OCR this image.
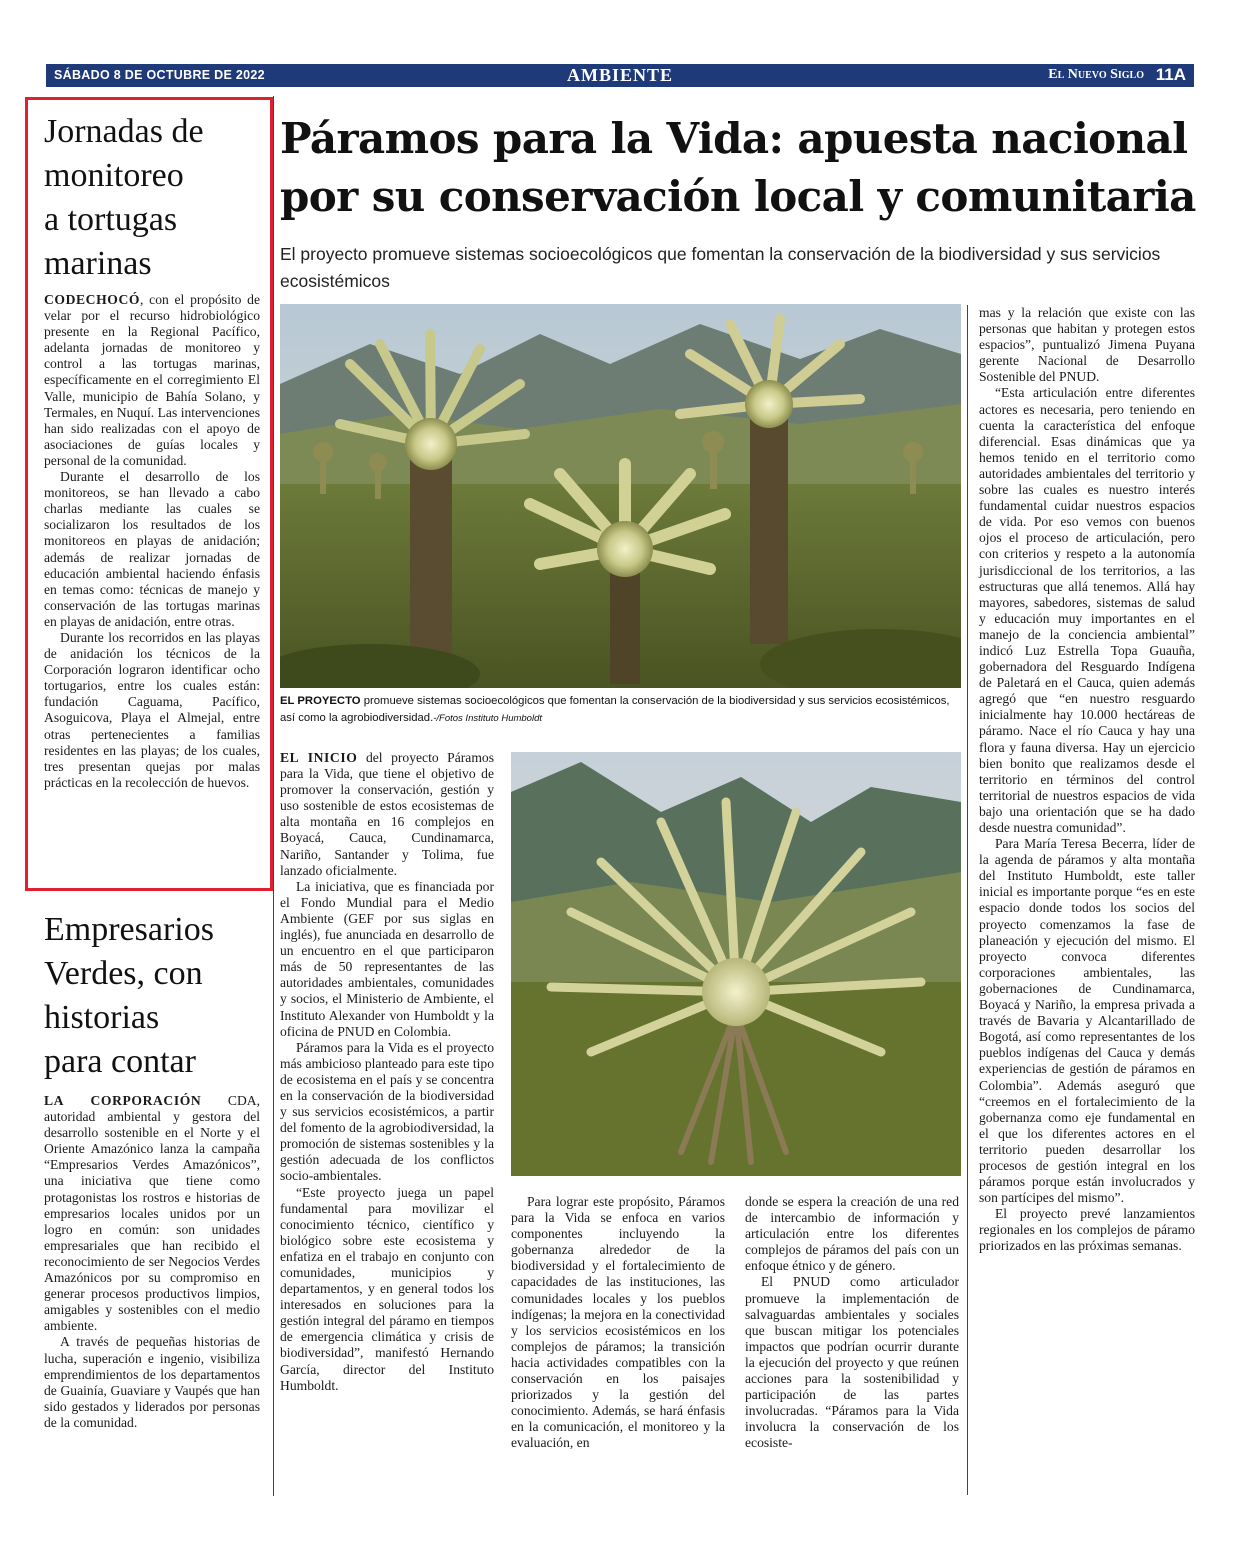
SÁBADO 8 DE OCTUBRE DE 2022	AMBIENTE	El Nuevo Siglo 11A
Jornadas de
monitoreo
a tortugas
marinas

CODECHOCÓ, con el propósito de velar por el recurso hidrobiológico presente en la Regional Pacífico, adelanta jornadas de monitoreo y control a las tortugas marinas, específicamente en el corregimiento El Valle, municipio de Bahía Solano, y Termales, en Nuquí. Las intervenciones han sido realizadas con el apoyo de asociaciones de guías locales y personal de la comunidad.

Durante el desarrollo de los monitoreos, se han llevado a cabo charlas mediante las cuales se socializaron los resultados de los monitoreos en playas de anidación; además de realizar jornadas de educación ambiental haciendo énfasis en temas como: técnicas de manejo y conservación de las tortugas marinas en playas de anidación, entre otras.

Durante los recorridos en las playas de anidación los técnicos de la Corporación lograron identificar ocho tortugarios, entre los cuales están: fundación Caguama, Pacífico, Asoguicova, Playa el Almejal, entre otras pertenecientes a familias residentes en las playas; de los cuales, tres presentan quejas por malas prácticas en la recolección de huevos.

Empresarios
Verdes, con
historias
para contar

LA CORPORACIÓN CDA, autoridad ambiental y gestora del desarrollo sostenible en el Norte y el Oriente Amazónico lanza la campaña “Empresarios Verdes Amazónicos”, una iniciativa que tiene como protagonistas los rostros e historias de empresarios locales unidos por un logro en común: son unidades empresariales que han recibido el reconocimiento de ser Negocios Verdes Amazónicos por su compromiso en generar procesos productivos limpios, amigables y sostenibles con el medio ambiente.

A través de pequeñas historias de lucha, superación e ingenio, visibiliza emprendimientos de los departamentos de Guainía, Guaviare y Vaupés que han sido gestados y liderados por personas de la comunidad.

Páramos para la Vida: apuesta nacional
por su conservación local y comunitaria

El proyecto promueve sistemas socioecológicos que fomentan la conservación de la biodiversidad y sus servicios ecosistémicos

EL PROYECTO promueve sistemas socioecológicos que fomentan la conservación de la biodiversidad y sus servicios ecosistémicos, así como la agrobiodiversidad.-/Fotos Instituto Humboldt

EL INICIO del proyecto Páramos para la Vida, que tiene el objetivo de promover la conservación, gestión y uso sostenible de estos ecosistemas de alta montaña en 16 complejos en Boyacá, Cauca, Cundinamarca, Nariño, Santander y Tolima, fue lanzado oficialmente.

La iniciativa, que es financiada por el Fondo Mundial para el Medio Ambiente (GEF por sus siglas en inglés), fue anunciada en desarrollo de un encuentro en el que participaron más de 50 representantes de las autoridades ambientales, comunidades y socios, el Ministerio de Ambiente, el Instituto Alexander von Humboldt y la oficina de PNUD en Colombia.

Páramos para la Vida es el proyecto más ambicioso planteado para este tipo de ecosistema en el país y se concentra en la conservación de la biodiversidad y sus servicios ecosistémicos, a partir del fomento de la agrobiodiversidad, la promoción de sistemas sostenibles y la gestión adecuada de los conflictos socio-ambientales.

“Este proyecto juega un papel fundamental para movilizar el conocimiento técnico, científico y biológico sobre este ecosistema y enfatiza en el trabajo en conjunto con comunidades, municipios y departamentos, y en general todos los interesados en soluciones para la gestión integral del páramo en tiempos de emergencia climática y crisis de biodiversidad”, manifestó Hernando García, director del Instituto Humboldt.

Para lograr este propósito, Páramos para la Vida se enfoca en varios componentes incluyendo la gobernanza alrededor de la biodiversidad y el fortalecimiento de capacidades de las instituciones, las comunidades locales y los pueblos indígenas; la mejora en la conectividad y los servicios ecosistémicos en los complejos de páramos; la transición hacia actividades compatibles con la conservación en los paisajes priorizados y la gestión del conocimiento. Además, se hará énfasis en la comunicación, el monitoreo y la evaluación, en

donde se espera la creación de una red de intercambio de información y articulación entre los diferentes complejos de páramos del país con un enfoque étnico y de género.

El PNUD como articulador promueve la implementación de salvaguardas ambientales y sociales que buscan mitigar los potenciales impactos que podrían ocurrir durante la ejecución del proyecto y que reúnen acciones para la sostenibilidad y participación de las partes involucradas. “Páramos para la Vida involucra la conservación de los ecosiste-

mas y la relación que existe con las personas que habitan y protegen estos espacios”, puntualizó Jimena Puyana gerente Nacional de Desarrollo Sostenible del PNUD.

“Esta articulación entre diferentes actores es necesaria, pero teniendo en cuenta la característica del enfoque diferencial. Esas dinámicas que ya hemos tenido en el territorio como autoridades ambientales del territorio y sobre las cuales es nuestro interés fundamental cuidar nuestros espacios de vida. Por eso vemos con buenos ojos el proceso de articulación, pero con criterios y respeto a la autonomía jurisdiccional de los territorios, a las estructuras que allá tenemos. Allá hay mayores, sabedores, sistemas de salud y educación muy importantes en el manejo de la conciencia ambiental” indicó Luz Estrella Topa Guauña, gobernadora del Resguardo Indígena de Paletará en el Cauca, quien además agregó que “en nuestro resguardo inicialmente hay 10.000 hectáreas de páramo. Nace el río Cauca y hay una flora y fauna diversa. Hay un ejercicio bien bonito que realizamos desde el territorio en términos del control territorial de nuestros espacios de vida bajo una orientación que se ha dado desde nuestra comunidad”.

Para María Teresa Becerra, líder de la agenda de páramos y alta montaña del Instituto Humboldt, este taller inicial es importante porque “es en este espacio donde todos los socios del proyecto comenzamos la fase de planeación y ejecución del mismo. El proyecto convoca diferentes corporaciones ambientales, las gobernaciones de Cundinamarca, Boyacá y Nariño, la empresa privada a través de Bavaria y Alcantarillado de Bogotá, así como representantes de los pueblos indígenas del Cauca y demás experiencias de gestión de páramos en Colombia”. Además aseguró que “creemos en el fortalecimiento de la gobernanza como eje fundamental en el que los diferentes actores en el territorio pueden desarrollar los procesos de gestión integral en los páramos porque están involucrados y son partícipes del mismo”.

El proyecto prevé lanzamientos regionales en los complejos de páramo priorizados en las próximas semanas.
